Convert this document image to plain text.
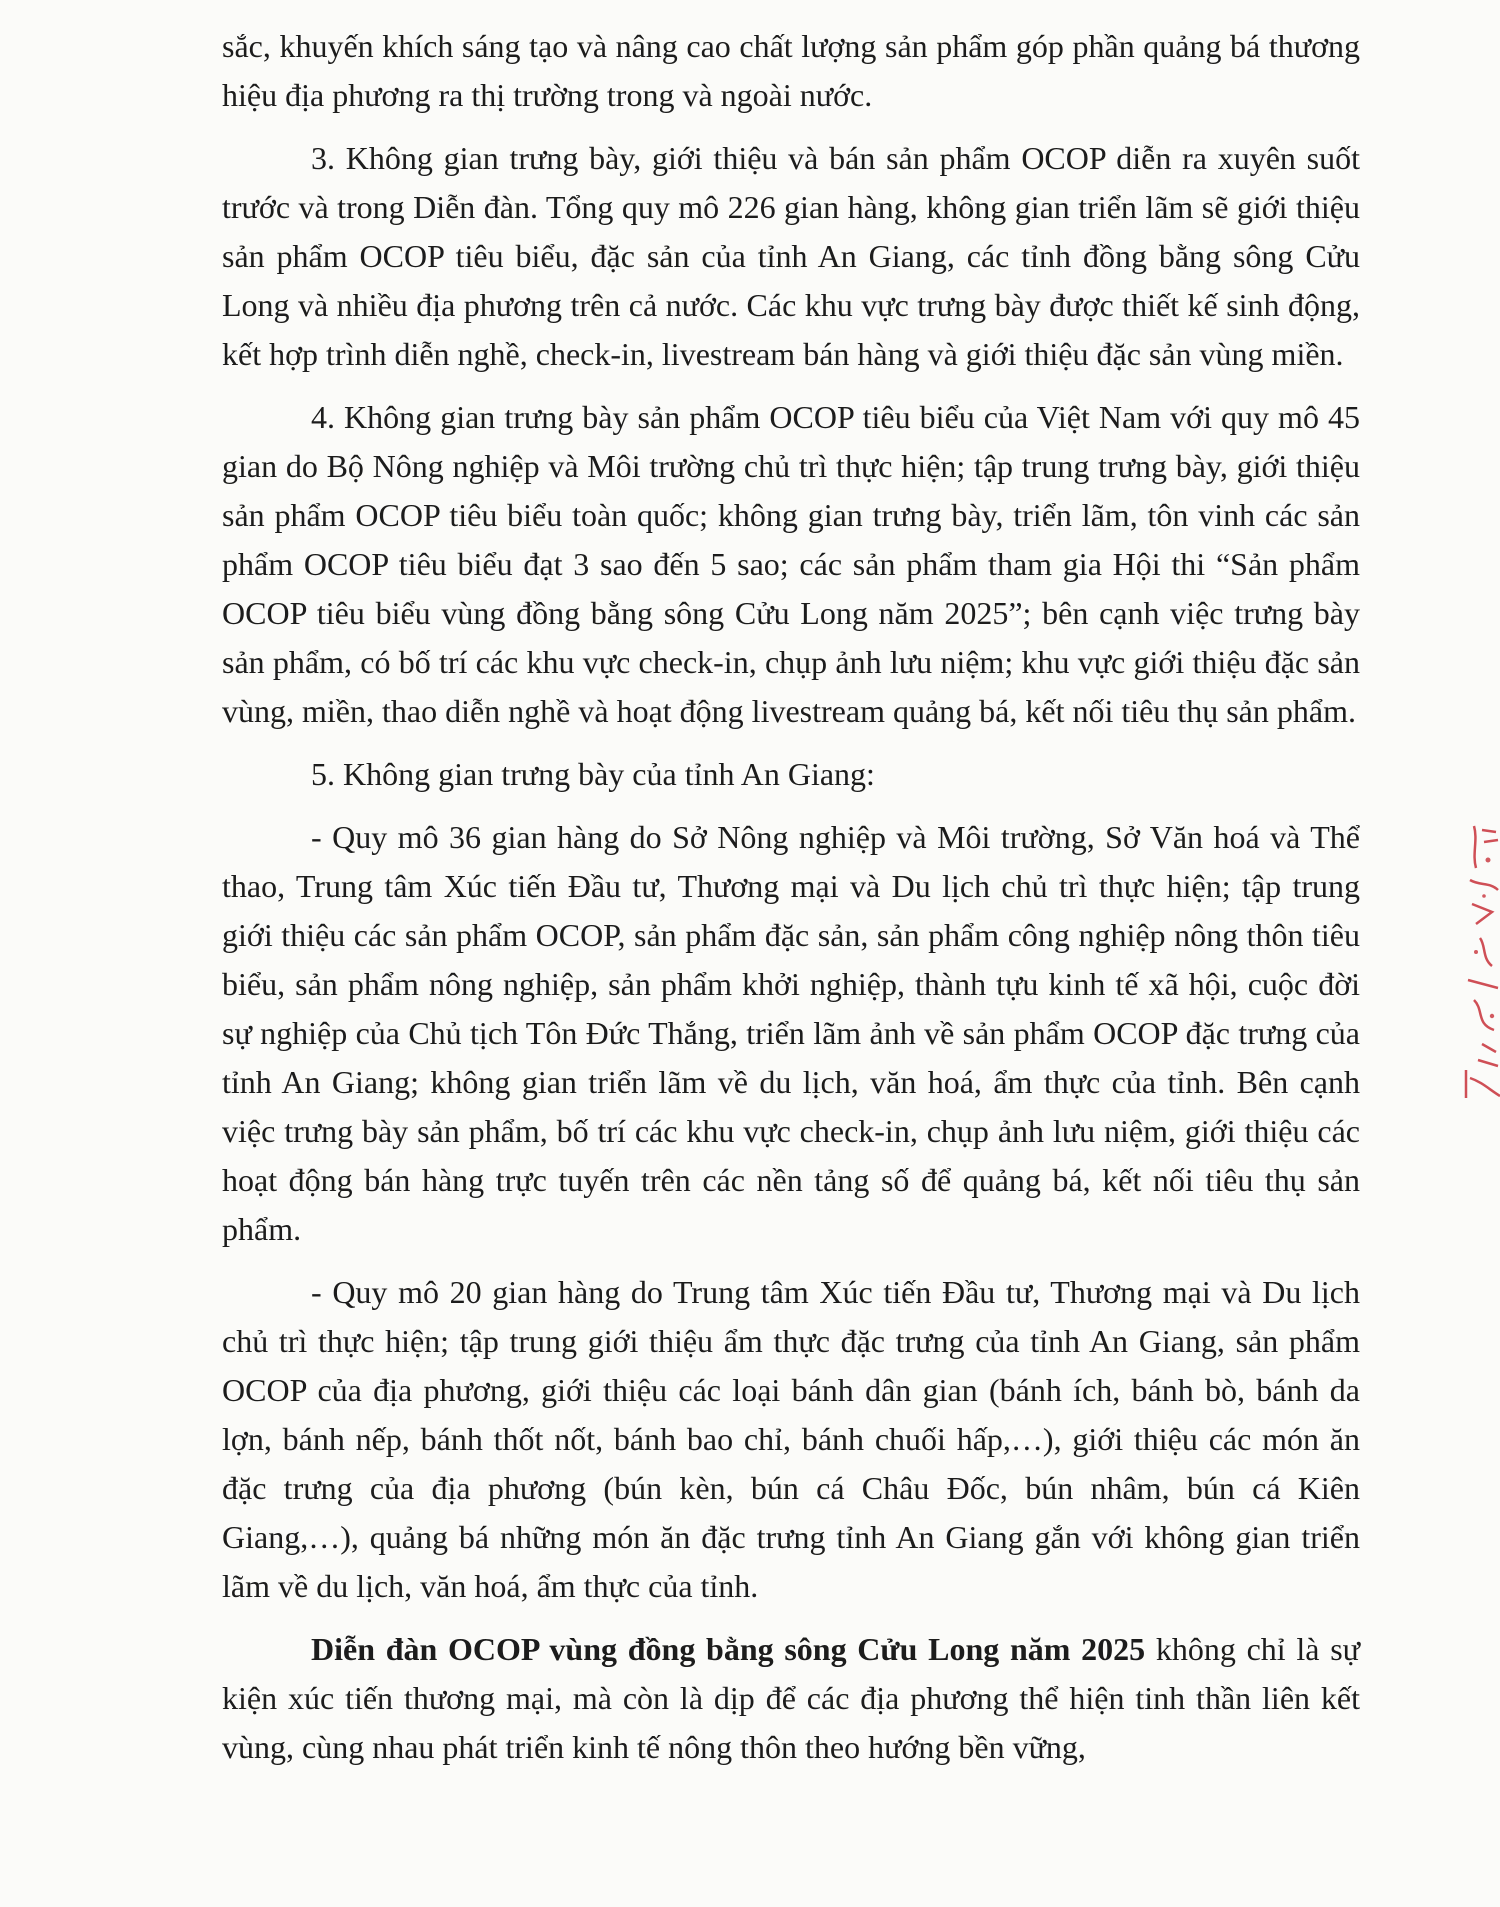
sắc, khuyến khích sáng tạo và nâng cao chất lượng sản phẩm góp phần quảng bá thương hiệu địa phương ra thị trường trong và ngoài nước.

3. Không gian trưng bày, giới thiệu và bán sản phẩm OCOP diễn ra xuyên suốt trước và trong Diễn đàn. Tổng quy mô 226 gian hàng, không gian triển lãm sẽ giới thiệu sản phẩm OCOP tiêu biểu, đặc sản của tỉnh An Giang, các tỉnh đồng bằng sông Cửu Long và nhiều địa phương trên cả nước. Các khu vực trưng bày được thiết kế sinh động, kết hợp trình diễn nghề, check-in, livestream bán hàng và giới thiệu đặc sản vùng miền.

4. Không gian trưng bày sản phẩm OCOP tiêu biểu của Việt Nam với quy mô 45 gian do Bộ Nông nghiệp và Môi trường chủ trì thực hiện; tập trung trưng bày, giới thiệu sản phẩm OCOP tiêu biểu toàn quốc; không gian trưng bày, triển lãm, tôn vinh các sản phẩm OCOP tiêu biểu đạt 3 sao đến 5 sao; các sản phẩm tham gia Hội thi “Sản phẩm OCOP tiêu biểu vùng đồng bằng sông Cửu Long năm 2025”; bên cạnh việc trưng bày sản phẩm, có bố trí các khu vực check-in, chụp ảnh lưu niệm; khu vực giới thiệu đặc sản vùng, miền, thao diễn nghề và hoạt động livestream quảng bá, kết nối tiêu thụ sản phẩm.

5. Không gian trưng bày của tỉnh An Giang:

- Quy mô 36 gian hàng do Sở Nông nghiệp và Môi trường, Sở Văn hoá và Thể thao, Trung tâm Xúc tiến Đầu tư, Thương mại và Du lịch chủ trì thực hiện; tập trung giới thiệu các sản phẩm OCOP, sản phẩm đặc sản, sản phẩm công nghiệp nông thôn tiêu biểu, sản phẩm nông nghiệp, sản phẩm khởi nghiệp, thành tựu kinh tế xã hội, cuộc đời sự nghiệp của Chủ tịch Tôn Đức Thắng, triển lãm ảnh về sản phẩm OCOP đặc trưng của tỉnh An Giang; không gian triển lãm về du lịch, văn hoá, ẩm thực của tỉnh. Bên cạnh việc trưng bày sản phẩm, bố trí các khu vực check-in, chụp ảnh lưu niệm, giới thiệu các hoạt động bán hàng trực tuyến trên các nền tảng số để quảng bá, kết nối tiêu thụ sản phẩm.

- Quy mô 20 gian hàng do Trung tâm Xúc tiến Đầu tư, Thương mại và Du lịch chủ trì thực hiện; tập trung giới thiệu ẩm thực đặc trưng của tỉnh An Giang, sản phẩm OCOP của địa phương, giới thiệu các loại bánh dân gian (bánh ích, bánh bò, bánh da lợn, bánh nếp, bánh thốt nốt, bánh bao chỉ, bánh chuối hấp,…), giới thiệu các món ăn đặc trưng của địa phương (bún kèn, bún cá Châu Đốc, bún nhâm, bún cá Kiên Giang,…), quảng bá những món ăn đặc trưng tỉnh An Giang gắn với không gian triển lãm về du lịch, văn hoá, ẩm thực của tỉnh.

Diễn đàn OCOP vùng đồng bằng sông Cửu Long năm 2025 không chỉ là sự kiện xúc tiến thương mại, mà còn là dịp để các địa phương thể hiện tinh thần liên kết vùng, cùng nhau phát triển kinh tế nông thôn theo hướng bền vững,
